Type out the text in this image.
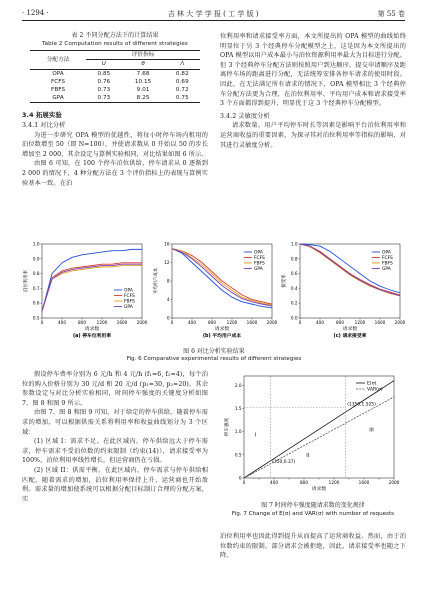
· 1294 ·	吉 林 大 学 学 报 ( 工 学 版 )	第 55 卷
表 2 不同分配方法下的计算结果
Table 2 Computation results of different strategies
分配方法	评价指标		
	U	θ	Λ
OPA	0.85	7.68	0.82
FCFS	0.76	10.15	0.69
FBFS	0.73	9.01	0.72
GPA	0.73	8.25	0.75
3.4 拓展实验
3.4.1 对比分析

为进一步研究 OPA 模型的优越性，将每小时停车场内租用的泊位数增至 50（即 N=100），并使请求数从 0 开始以 50 的步长增加至 2 000，其余设定与算例实验相同，对比结果如图 6 所示。

由图 6 可知，在 100 个停车泊位供给，停车请求从 0 逐渐到 2 000 的情况下，4 种分配方法在 3 个评价指标上的表现与算例实验基本一致。在泊

位利用率和请求接受率方面，本文所提出的 OPA 模型的曲线始终明显位于另 3 个经典停车分配模型之上，这是因为本文所提出的 OPA 模型以用户成本最小与泊位资源利用率最大为目标进行分配。但 3 个经典停车分配方法则按照用户到达顺序、提交申请顺序及距离停车场的距离进行分配，无法统筹安排各停车请求的使用时段。因此，在无法满足所有请求的情况下，OPA 模型相比 3 个经典停车分配方法更为合理，在泊位利用率、平均用户成本和请求接受率 3 个方面都得到提升，明显优于这 3 个经典停车分配模型。

3.4.2 灵敏度分析

请求数量、用户平均停车时长等因素是影响平台泊位利用率和运营商收益的重要因素，为探寻其对泊位利用率等指标的影响，对其进行灵敏度分析。

0.5
0.6
0.7
0.8
0.9
1.0
0	400	800	1200 1600 2000
请求数
(a) 停车位利用率
泊位利用率	OPA
FCFS
FBFS
GPA
0
4
8
12
16
0	400	800	1200 1600 2000
请求数
(b) 平均用户成本
平均用户成本
OPA
FCFS
FBFS
GPA
0.0
0.2
0.4
0.6
0.8
1.0
0	400	800	1200 1600 2000
请求数
(c) 请求接受率
接受率
OPA
FCFS
FBFS
GPA
图 6 对比分析实验结果
Fig. 6 Comparative experimental results of different strategies

假设停车费率分别为 6 元/h 和 4 元/h (f₁=6, f₂=4)，每个泊位的购入价格分别为 30 元/d 和 20 元/d (p₁=30, p₂=20)。其余参数设定与对比分析实验相同，时间停车强度的关键度分析如图 7、图 8 和图 9 所示。

由图 7、图 8 和图 9 可知，对于给定的停车供给，随着停车需求的增加，可以根据供需关系将利用率和收益曲线划分为 3 个区域：

(1) 区域 I：需求不足。在此区域内，停车供给远大于停车需求，停车需求不受泊位数的约束限制（约束(14)），请求接受率为 100%，泊位利用率线性增长，但运营商仍在亏损。

(2) 区域 II：供需平衡。在此区域内，停车需求与停车供给相匹配，随着需求的增加，泊位利用率保持上升，运营商也开始盈利。需求量的增加使系统可以根据分配目标制订合理的分配方案，实

0	400	800	1200	1600	2000
0
0.5
1.0
1.5
2.0
请求数
停车强度
(350,0.37)
(1350,1.525)
I
II
III
E(σ)
VAR(σ)
图 7 时间停车强度随请求数的变化规律
Fig. 7 Change of E(σ) and VAR(σ) with number of requests

泊位利用率也因此得到提升从而提高了运营商收益。然而，由于泊位数约束的限制，部分请求会被拒绝，因此，请求接受率也随之下降。
